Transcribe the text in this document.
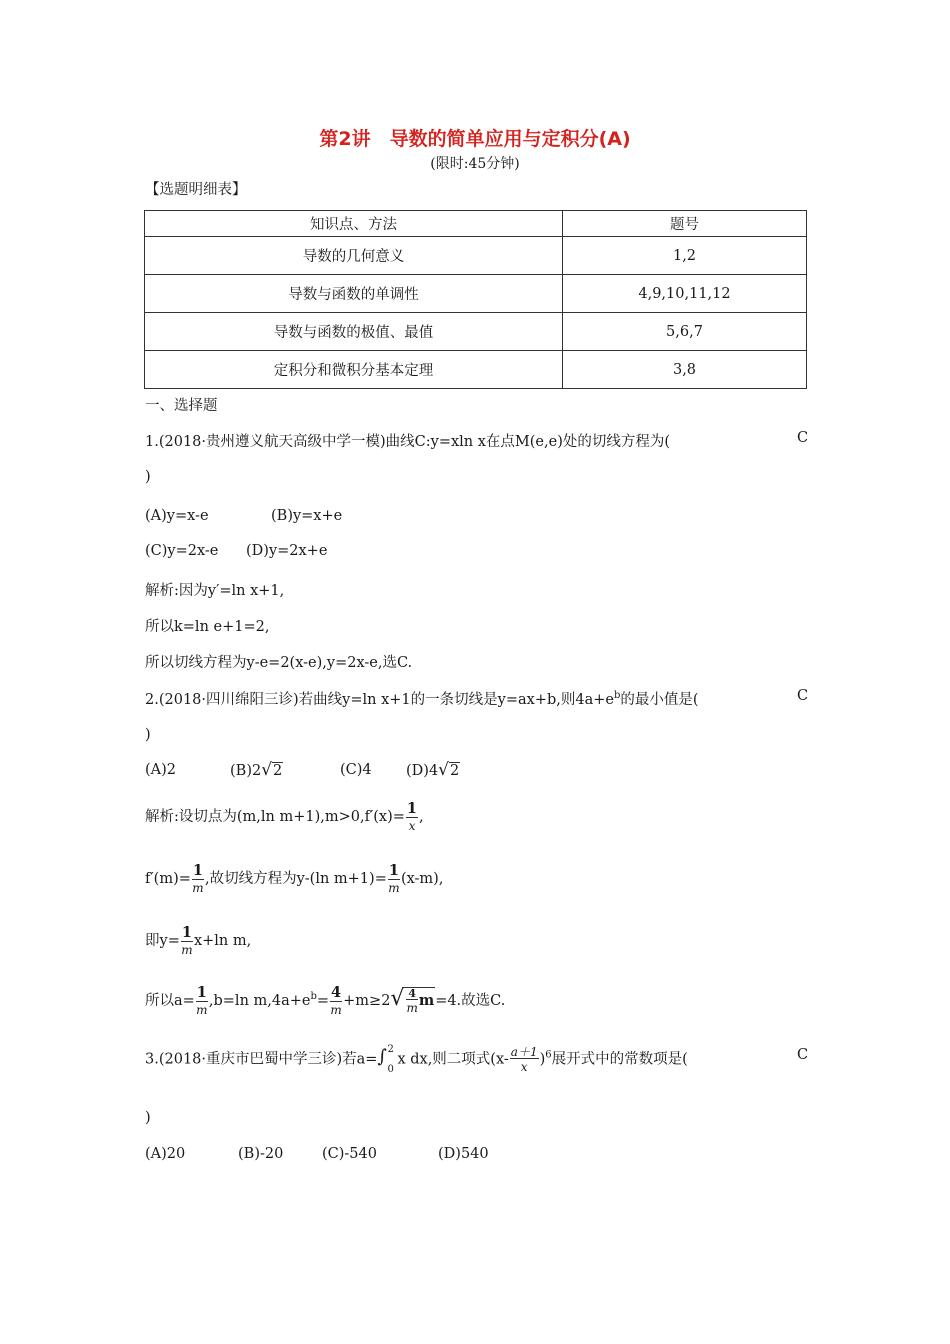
第2讲　导数的简单应用与定积分(A)
(限时:45分钟)
【选题明细表】
知识点、方法	题号
导数的几何意义	1,2
导数与函数的单调性	4,9,10,11,12
导数与函数的极值、最值	5,6,7
定积分和微积分基本定理	3,8
一、选择题
1.(2018·贵州遵义航天高级中学一模)曲线C:y=xln x在点M(e,e)处的切线方程为(	C
)
(A)y=x-e	(B)y=x+e
(C)y=2x-e (D)y=2x+e
解析:因为y′=ln x+1,
所以k=ln e+1=2,
所以切线方程为y-e=2(x-e),y=2x-e,选C.
2.(2018·四川绵阳三诊)若曲线y=ln x+1的一条切线是y=ax+b,则$4a+e^b$的最小值是(	C
)
(A)2	(B)2√2	(C)4 (D)4√2
解析:设切点为(m,ln $m+1),m>0,f'(x)= \frac{1}{x}$ ,
$f'(m)= \frac{1}{m}$ ,故切线方程为y-(ln $m+1)= \frac{1}{m} (x-m)$,
即$y= \frac{1}{m} x+\ln$ m,
所以$a= \frac{1}{m} ,b=\ln$ $m,4a+e^b= \frac{4}{m} +m\ge 2√ \frac{4}{m} m=4$.故选C.
3.(2018·重庆市巴蜀中学三诊)若a= ∫ 2
0
x dx,则二项式$(x- \frac{a+1}{x} )^6$展开式中的常数项是(	C
)
(A)20	(B)-20	(C)-540	(D)540
